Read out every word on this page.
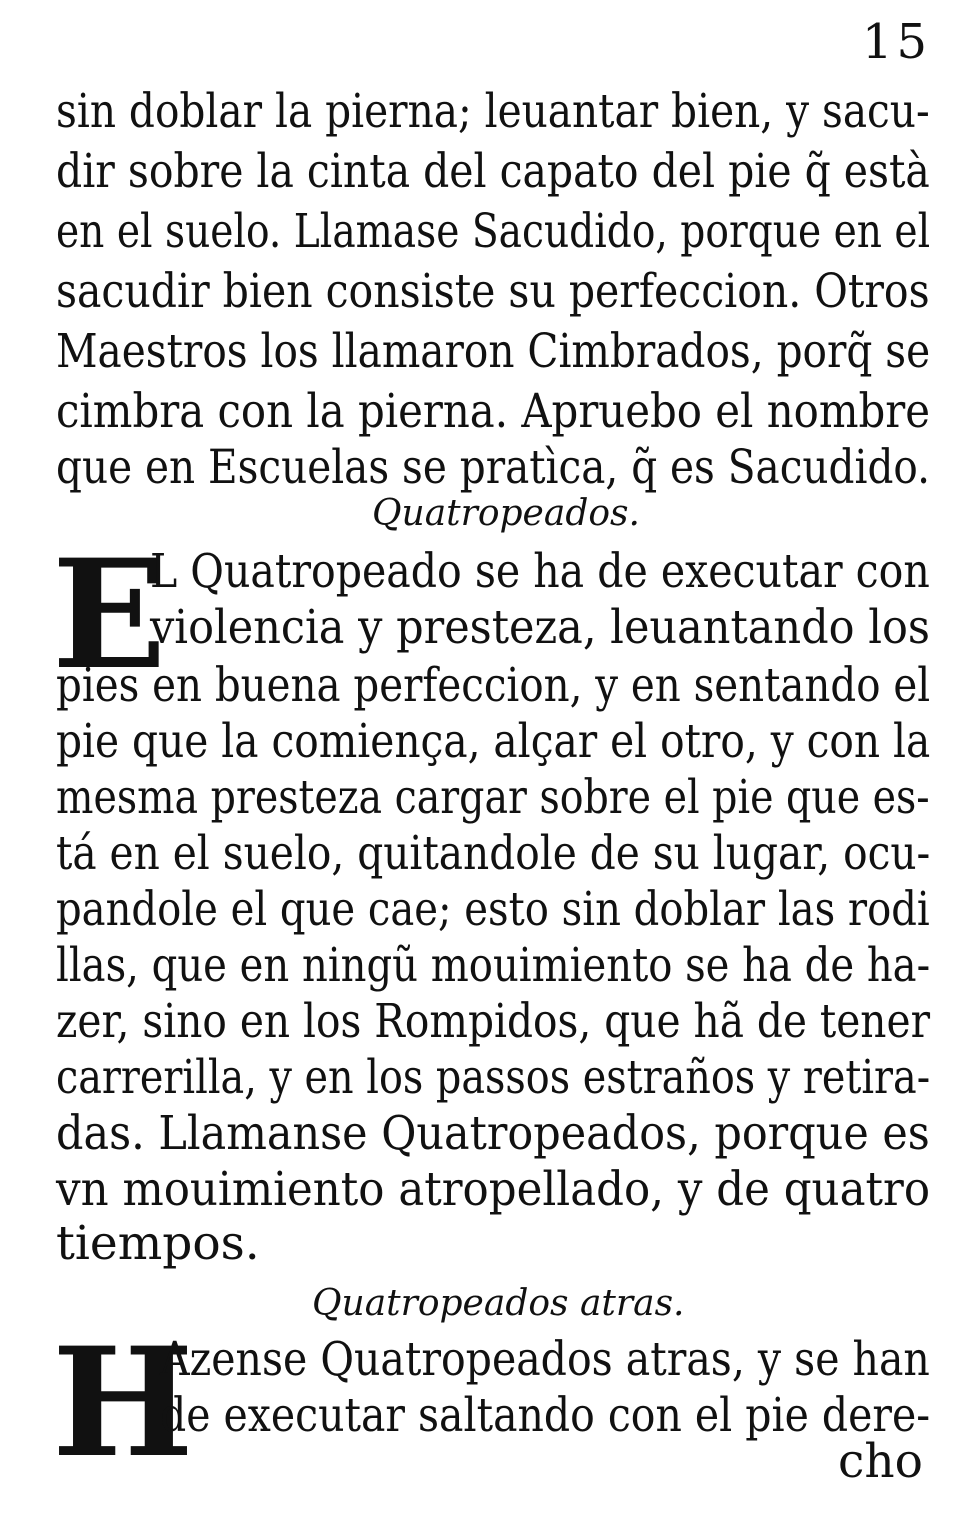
15
sin doblar la pierna; leuantar bien, y sacu-
dir sobre la cinta del capato del pie q̃ està
en el suelo. Llamase Sacudido, porque en el
sacudir bien consiste su perfeccion. Otros
Maestros los llamaron Cimbrados, porq̃ se
cimbra con la pierna. Apruebo el nombre
que en Escuelas se pratìca, q̃ es Sacudido.
Quatropeados.
E
L Quatropeado se ha de executar con
violencia y presteza, leuantando los
pies en buena perfeccion, y en sentando el
pie que la comiença, alçar el otro, y con la
mesma presteza cargar sobre el pie que es-
tá en el suelo, quitandole de su lugar, ocu-
pandole el que cae; esto sin doblar las rodi
llas, que en ningũ mouimiento se ha de ha-
zer, sino en los Rompidos, que hã de tener
carrerilla, y en los passos estraños y retira-
das. Llamanse Quatropeados, porque es
vn mouimiento atropellado, y de quatro
tiempos.
Quatropeados atras.
H
Azense Quatropeados atras, y se han
de executar saltando con el pie dere-
cho
